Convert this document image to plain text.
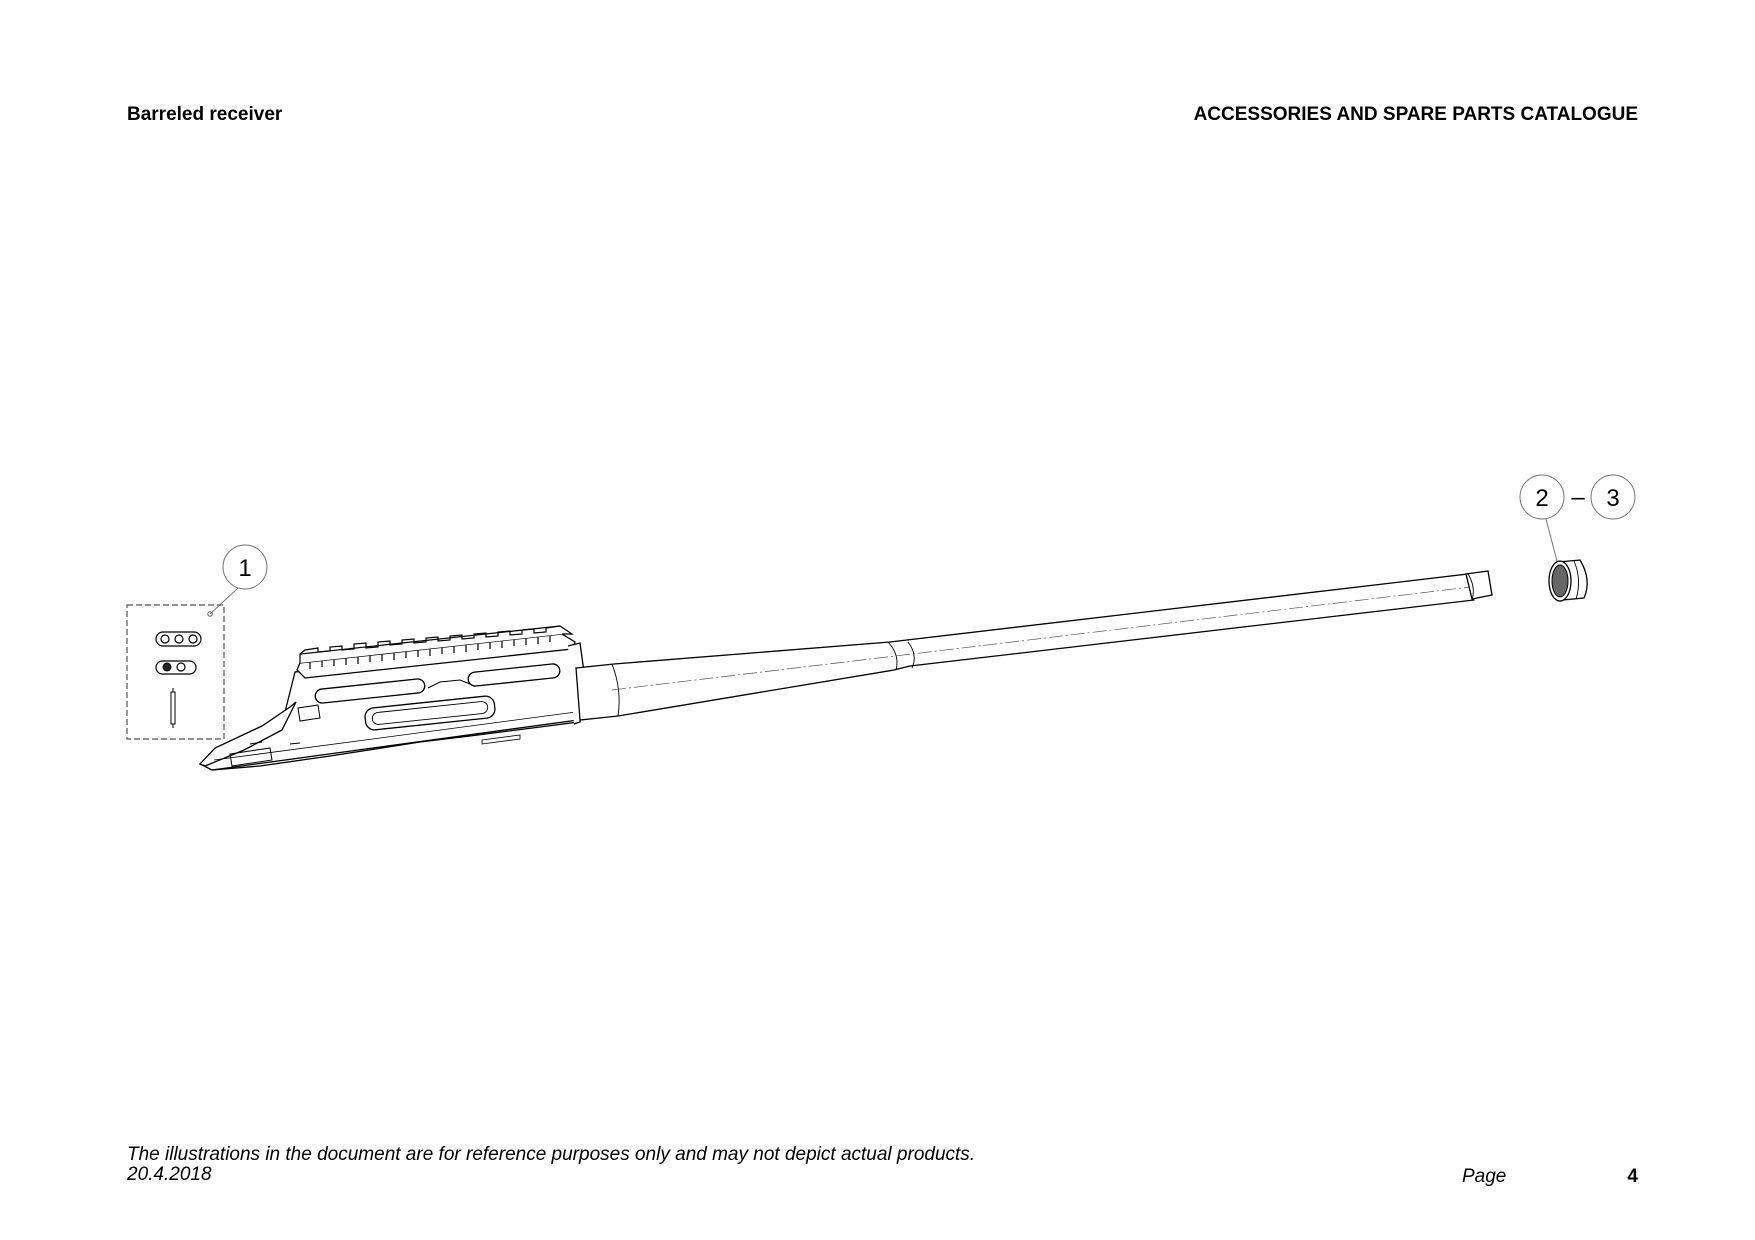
Barreled receiver	ACCESSORIES AND SPARE PARTS CATALOGUE
1
2 – 3
The illustrations in the document are for reference purposes only and may not depict actual products.
20.4.2018	Page	4
